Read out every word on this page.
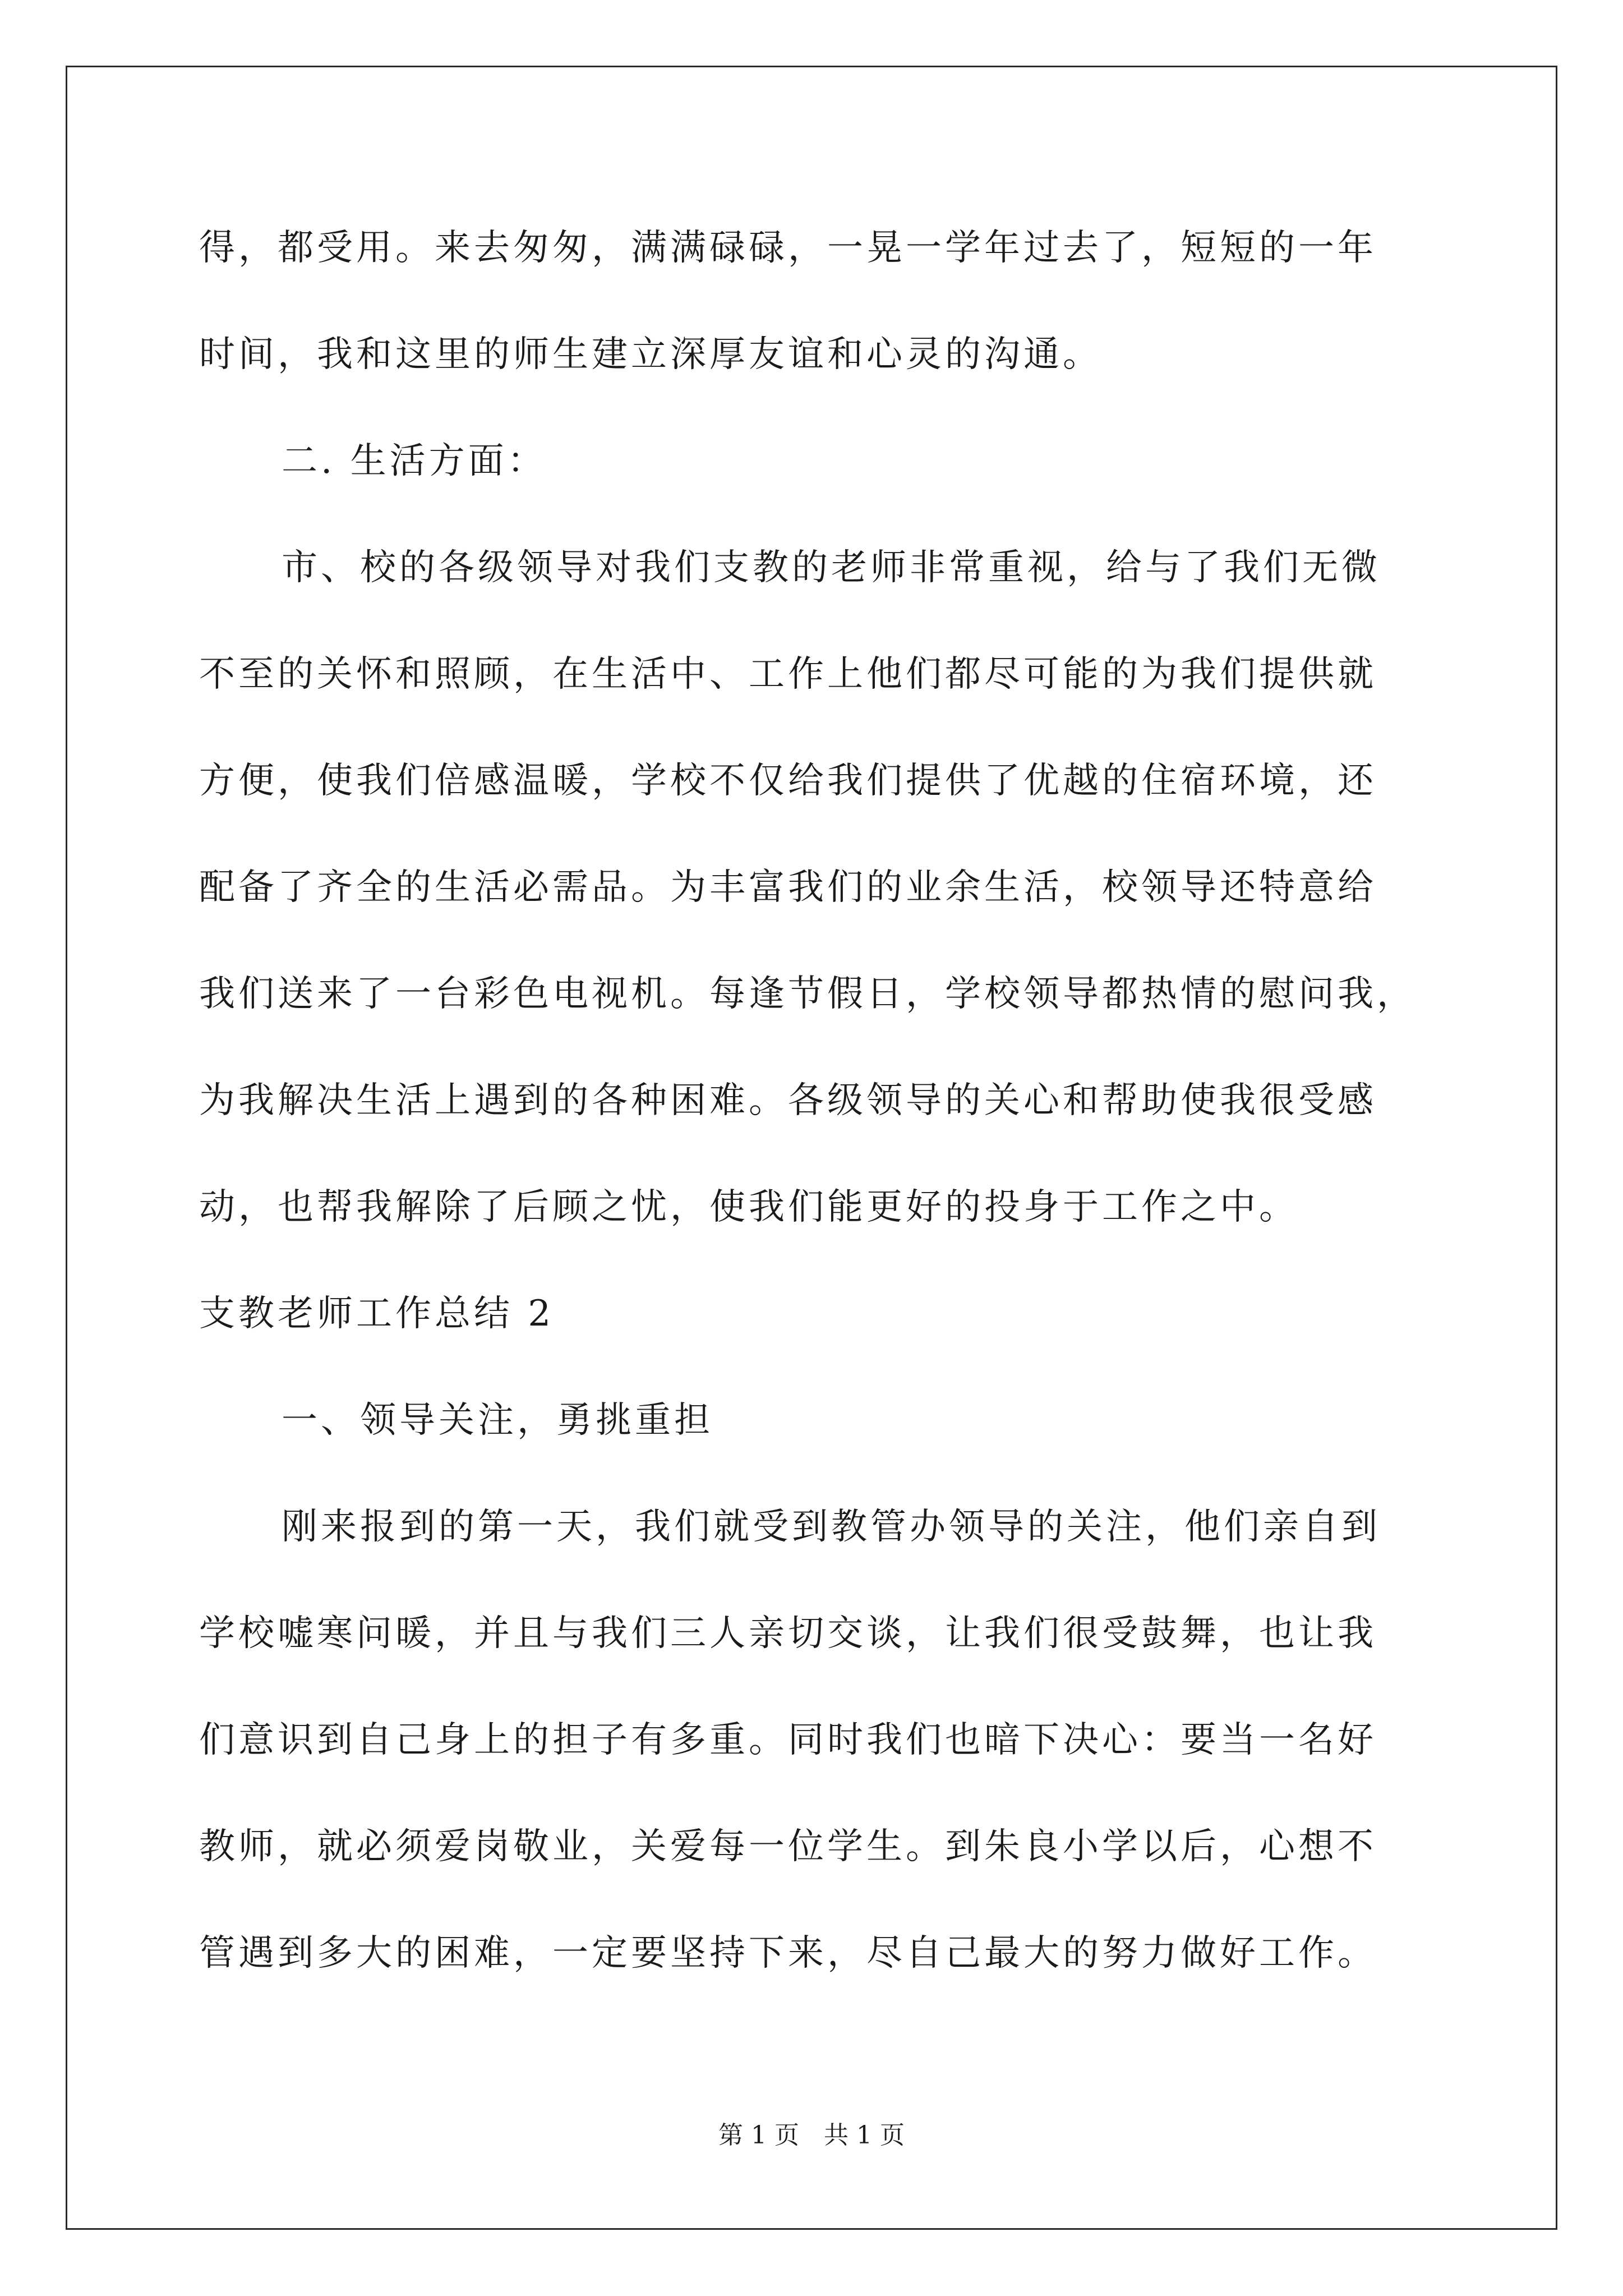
得，都受用。来去匆匆，满满碌碌，一晃一学年过去了，短短的一年

时间，我和这里的师生建立深厚友谊和心灵的沟通。

二. 生活方面：

市、校的各级领导对我们支教的老师非常重视，给与了我们无微

不至的关怀和照顾，在生活中、工作上他们都尽可能的为我们提供就

方便，使我们倍感温暖，学校不仅给我们提供了优越的住宿环境，还

配备了齐全的生活必需品。为丰富我们的业余生活，校领导还特意给

我们送来了一台彩色电视机。每逢节假日，学校领导都热情的慰问我，

为我解决生活上遇到的各种困难。各级领导的关心和帮助使我很受感

动，也帮我解除了后顾之忧，使我们能更好的投身于工作之中。

支教老师工作总结 2

一、领导关注，勇挑重担

刚来报到的第一天，我们就受到教管办领导的关注，他们亲自到

学校嘘寒问暖，并且与我们三人亲切交谈，让我们很受鼓舞，也让我

们意识到自己身上的担子有多重。同时我们也暗下决心：要当一名好

教师，就必须爱岗敬业，关爱每一位学生。到朱良小学以后，心想不

管遇到多大的困难，一定要坚持下来，尽自己最大的努力做好工作。

第 1 页　共 1 页
